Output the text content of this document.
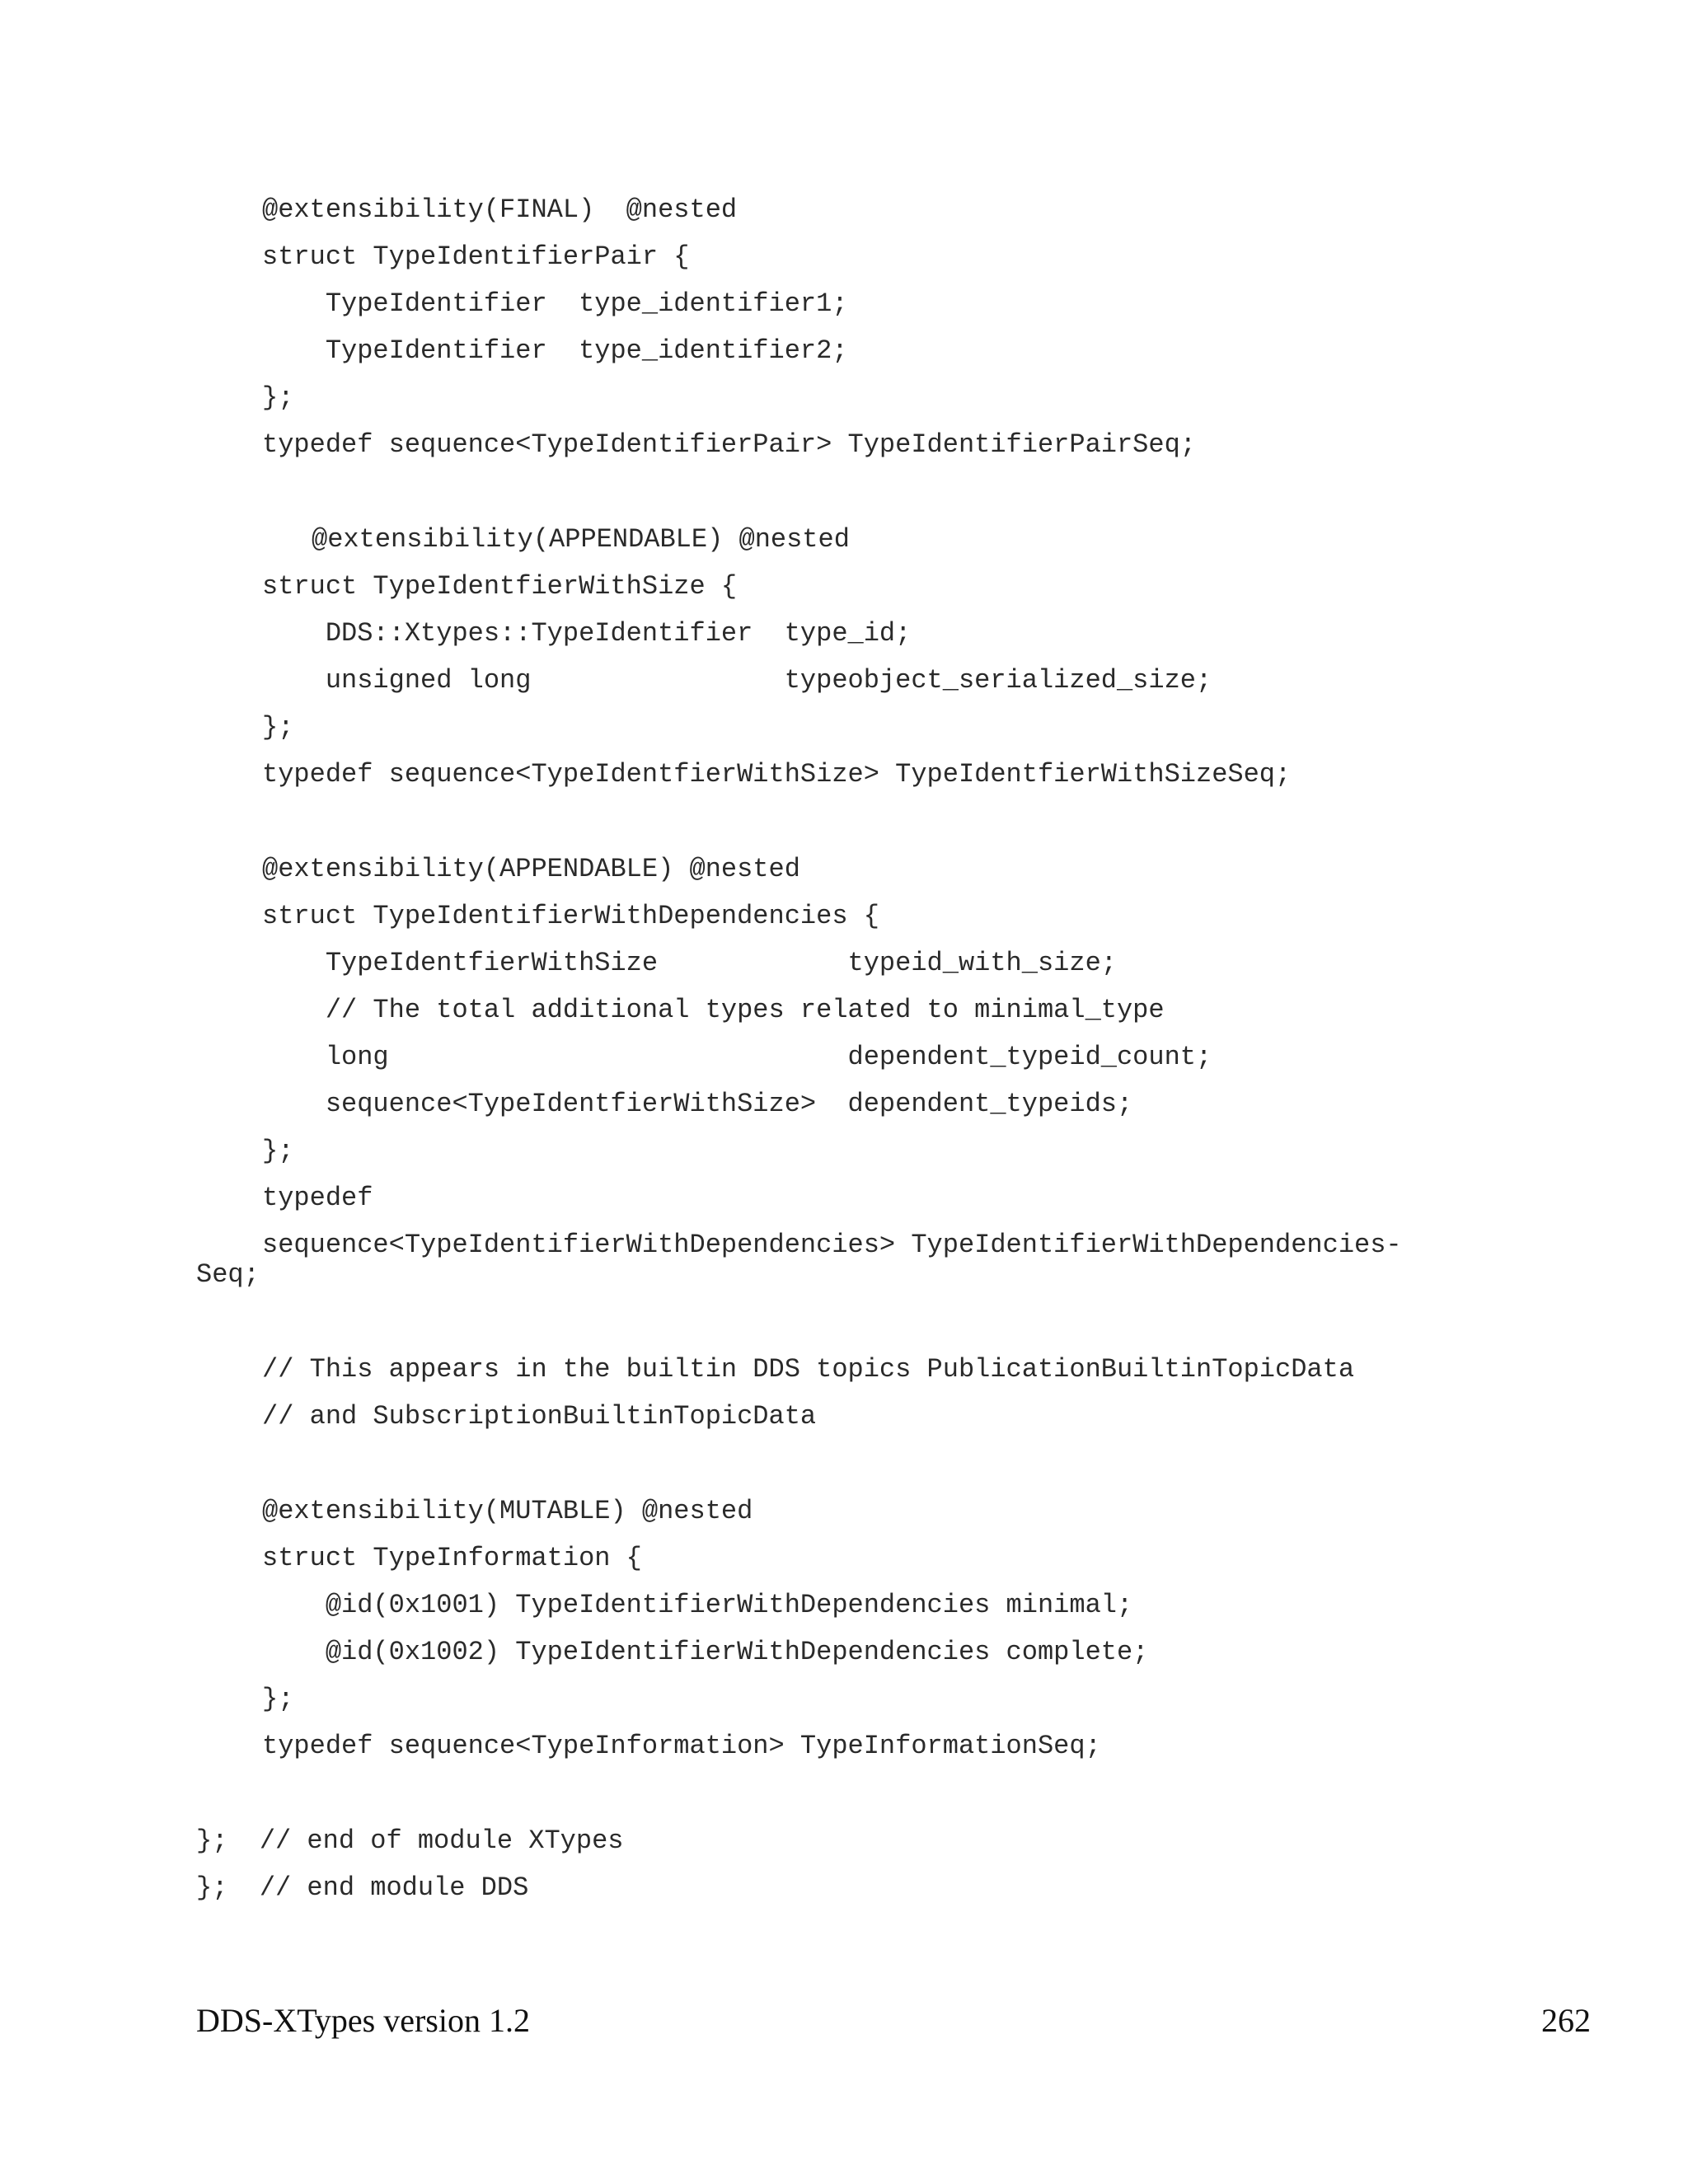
@extensibility(FINAL)  @nested

struct TypeIdentifierPair {

TypeIdentifier  type_identifier1;

TypeIdentifier  type_identifier2;

};

typedef sequence<TypeIdentifierPair> TypeIdentifierPairSeq;

@extensibility(APPENDABLE) @nested

struct TypeIdentfierWithSize {

DDS::Xtypes::TypeIdentifier  type_id;

unsigned long                typeobject_serialized_size;

};

typedef sequence<TypeIdentfierWithSize> TypeIdentfierWithSizeSeq;

@extensibility(APPENDABLE) @nested

struct TypeIdentifierWithDependencies {

TypeIdentfierWithSize            typeid_with_size;

// The total additional types related to minimal_type

long                             dependent_typeid_count;

sequence<TypeIdentfierWithSize>  dependent_typeids;

};

typedef

sequence<TypeIdentifierWithDependencies> TypeIdentifierWithDependencies-

Seq;

// This appears in the builtin DDS topics PublicationBuiltinTopicData

// and SubscriptionBuiltinTopicData

@extensibility(MUTABLE) @nested

struct TypeInformation {

@id(0x1001) TypeIdentifierWithDependencies minimal;

@id(0x1002) TypeIdentifierWithDependencies complete;

};

typedef sequence<TypeInformation> TypeInformationSeq;

};  // end of module XTypes

};  // end module DDS

DDS-XTypes version 1.2	262
